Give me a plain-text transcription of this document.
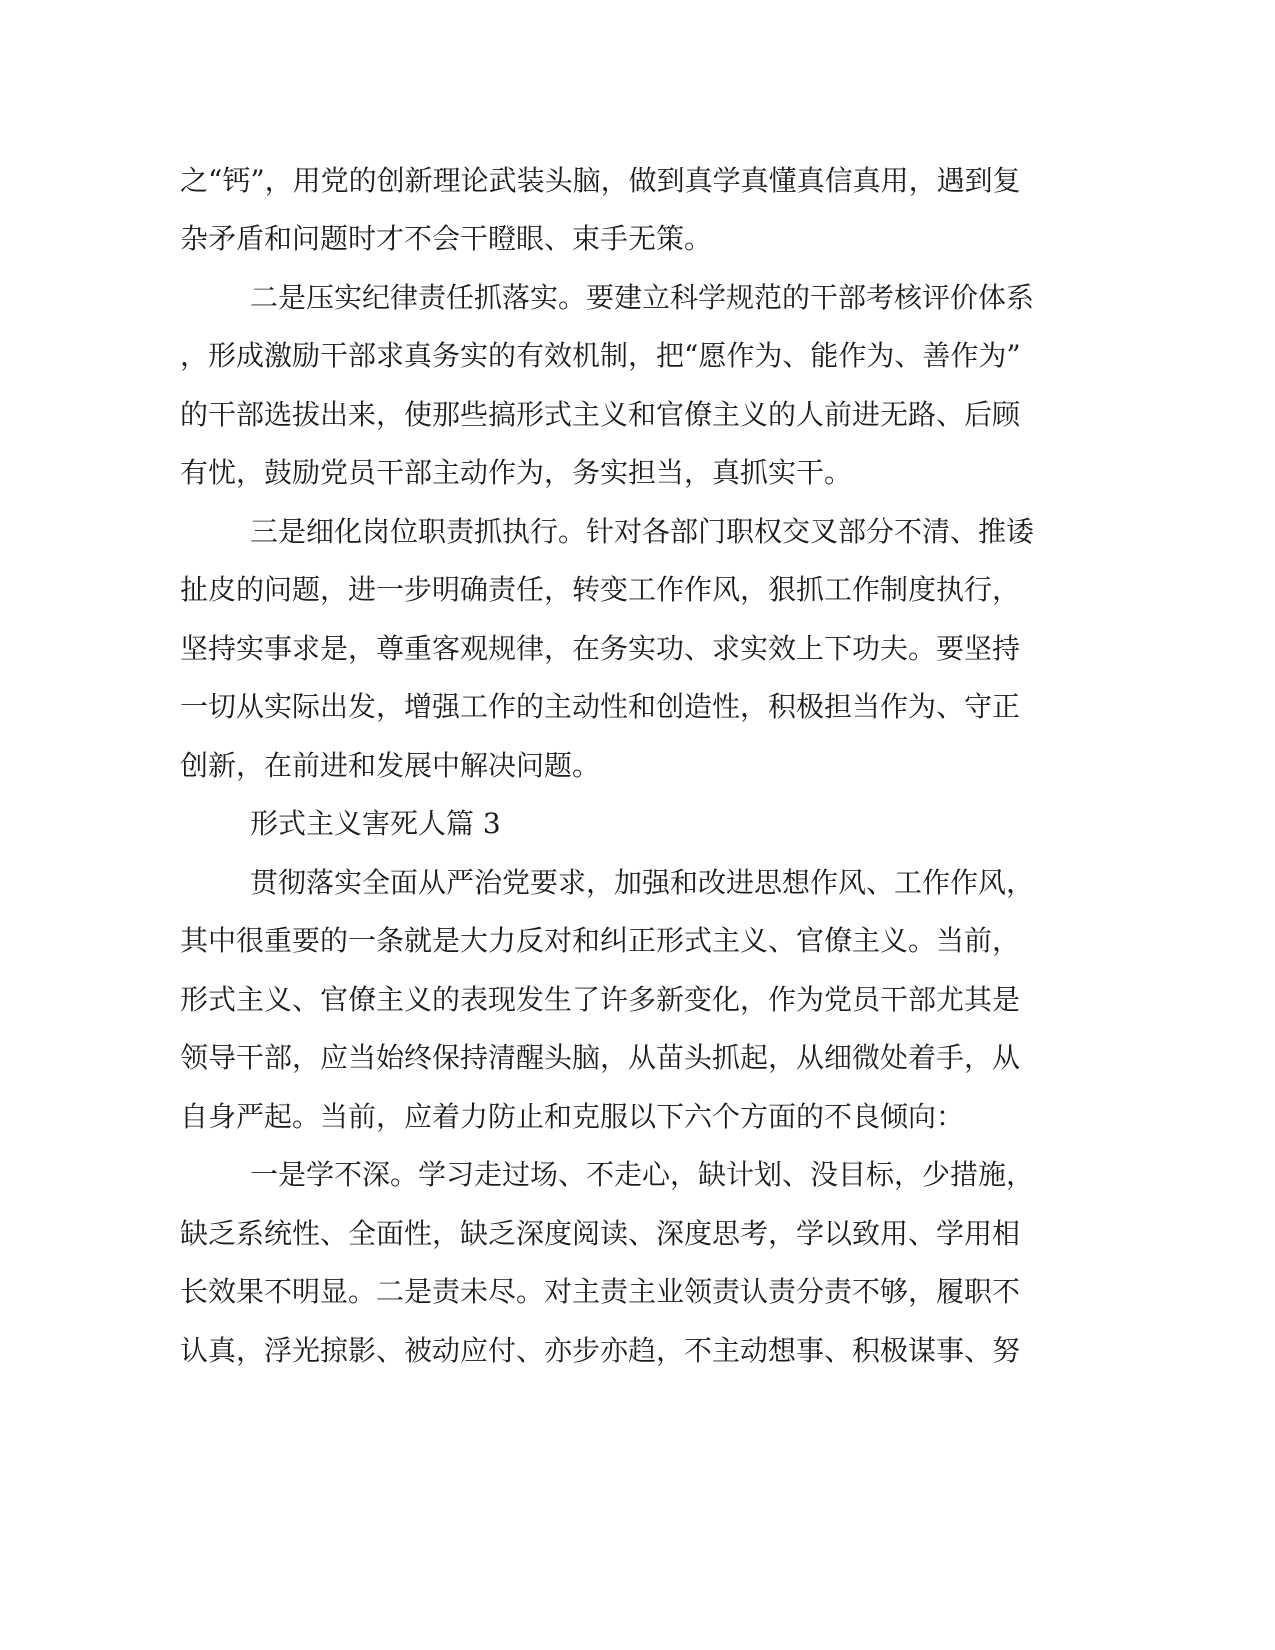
之“钙”，用党的创新理论武装头脑，做到真学真懂真信真用，遇到复
杂矛盾和问题时才不会干瞪眼、束手无策。
二是压实纪律责任抓落实。要建立科学规范的干部考核评价体系
，形成激励干部求真务实的有效机制，把“愿作为、能作为、善作为”
的干部选拔出来，使那些搞形式主义和官僚主义的人前进无路、后顾
有忧，鼓励党员干部主动作为，务实担当，真抓实干。
三是细化岗位职责抓执行。针对各部门职权交叉部分不清、推诿
扯皮的问题，进一步明确责任，转变工作作风，狠抓工作制度执行，
坚持实事求是，尊重客观规律，在务实功、求实效上下功夫。要坚持
一切从实际出发，增强工作的主动性和创造性，积极担当作为、守正
创新，在前进和发展中解决问题。
形式主义害死人篇 3
贯彻落实全面从严治党要求，加强和改进思想作风、工作作风，
其中很重要的一条就是大力反对和纠正形式主义、官僚主义。当前，
形式主义、官僚主义的表现发生了许多新变化，作为党员干部尤其是
领导干部，应当始终保持清醒头脑，从苗头抓起，从细微处着手，从
自身严起。当前，应着力防止和克服以下六个方面的不良倾向：
一是学不深。学习走过场、不走心，缺计划、没目标，少措施，
缺乏系统性、全面性，缺乏深度阅读、深度思考，学以致用、学用相
长效果不明显。二是责未尽。对主责主业领责认责分责不够，履职不
认真，浮光掠影、被动应付、亦步亦趋，不主动想事、积极谋事、努
